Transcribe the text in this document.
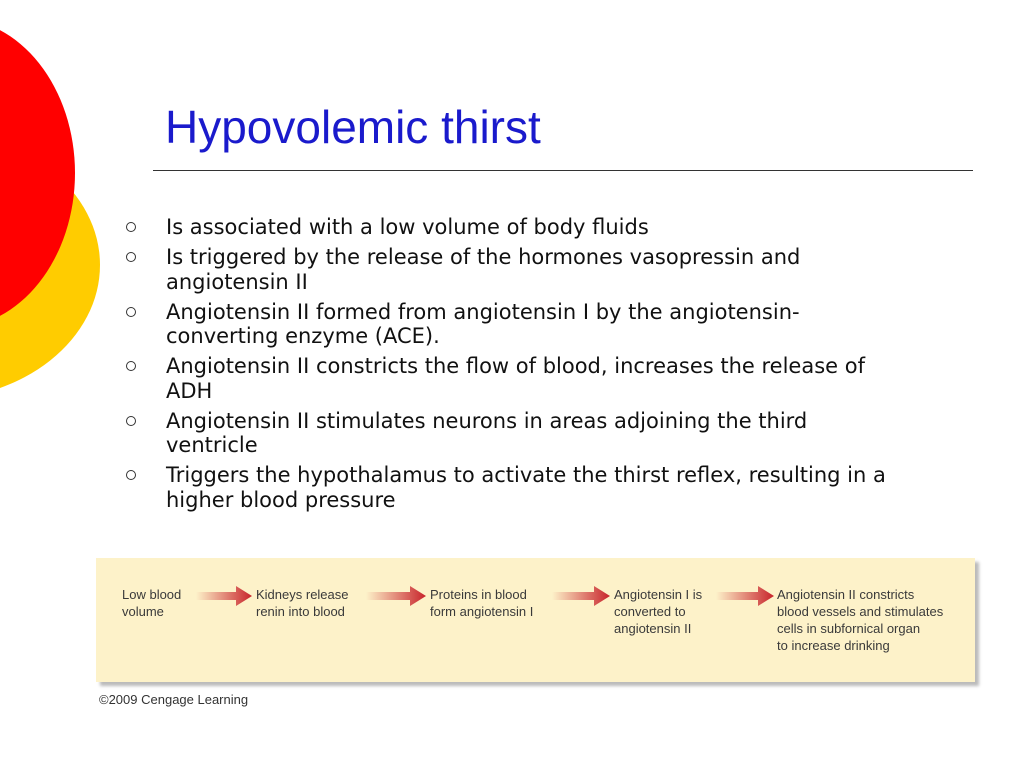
Hypovolemic thirst
Is associated with a low volume of body fluids
Is triggered by the release of the hormones vasopressin and
angiotensin II
Angiotensin II formed from angiotensin I by the angiotensin-
converting enzyme (ACE).
Angiotensin II constricts the flow of blood, increases the release of
ADH
Angiotensin II stimulates neurons in areas adjoining the third
ventricle
Triggers the hypothalamus to activate the thirst reflex, resulting in a
higher blood pressure
Low blood
volume
Kidneys release
renin into blood
Proteins in blood
form angiotensin I
Angiotensin I is
converted to
angiotensin II
Angiotensin II constricts
blood vessels and stimulates
cells in subfornical organ
to increase drinking
©2009 Cengage Learning
